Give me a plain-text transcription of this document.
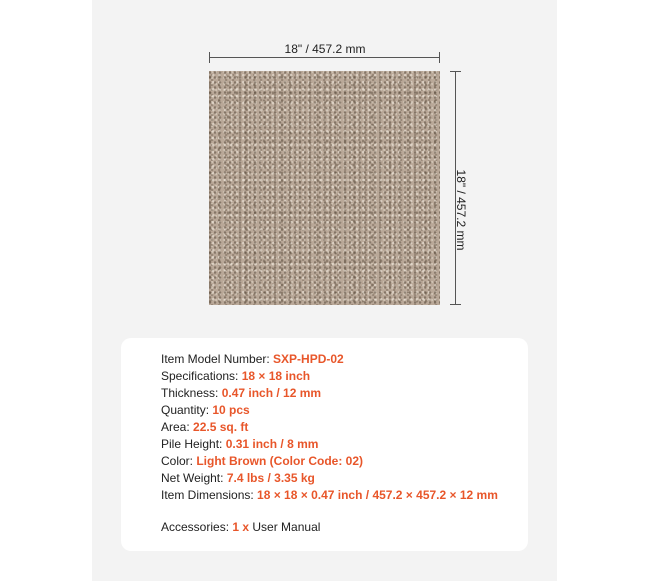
18" / 457.2 mm
18" / 457.2 mm
Item Model Number: SXP-HPD-02
Specifications: 18 × 18 inch
Thickness: 0.47 inch / 12 mm
Quantity: 10 pcs
Area: 22.5 sq. ft
Pile Height: 0.31 inch / 8 mm
Color: Light Brown (Color Code: 02)
Net Weight: 7.4 lbs / 3.35 kg
Item Dimensions: 18 × 18 × 0.47 inch / 457.2 × 457.2 × 12 mm
Accessories: 1 x User Manual
